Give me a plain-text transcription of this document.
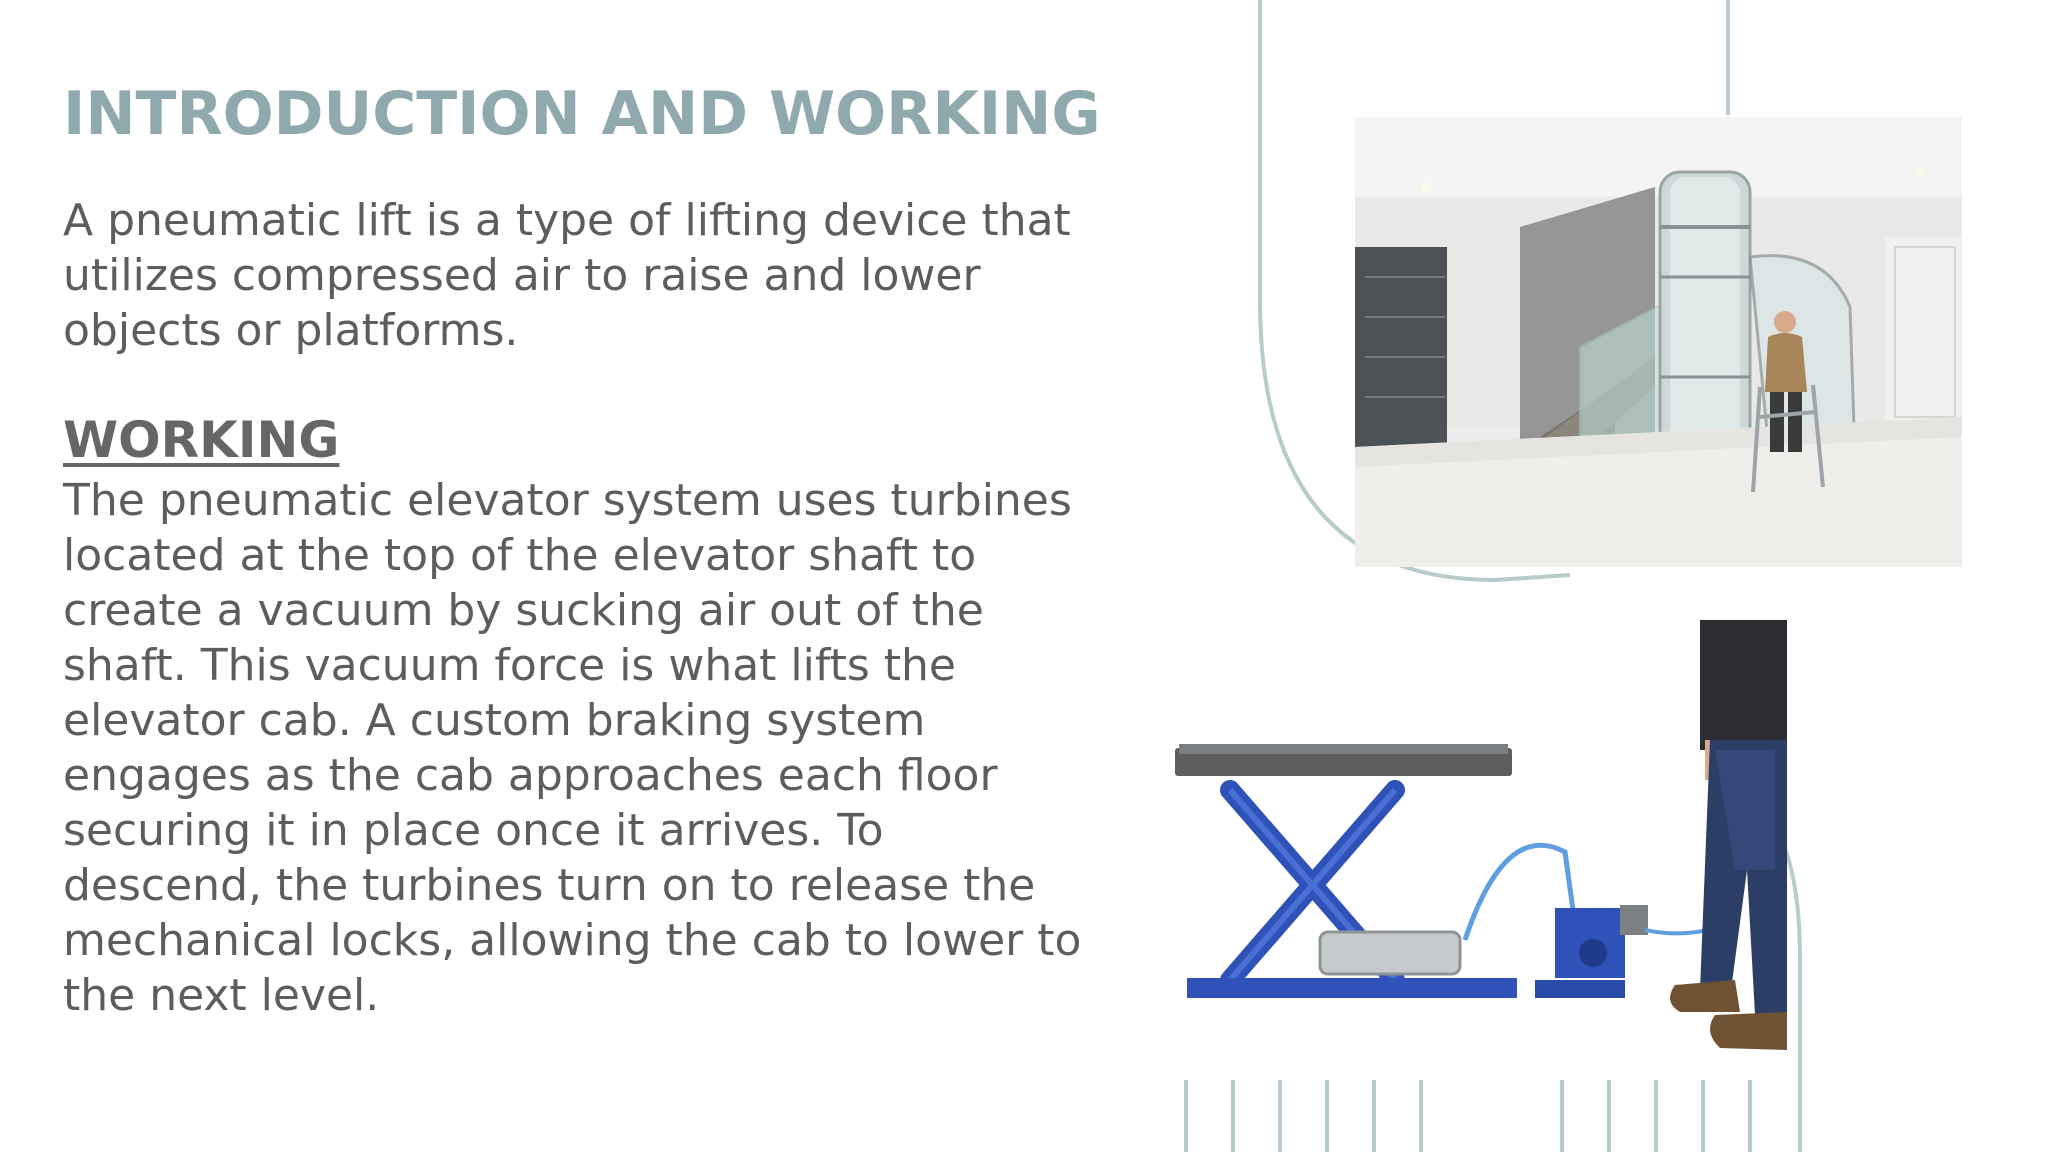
INTRODUCTION AND WORKING

A pneumatic lift is a type of lifting device that utilizes compressed air to raise and lower objects or platforms.

WORKING

The pneumatic elevator system uses turbines located at the top of the elevator shaft to create a vacuum by sucking air out of the shaft. This vacuum force is what lifts the elevator cab. A custom braking system engages as the cab approaches each floor securing it in place once it arrives. To descend, the turbines turn on to release the mechanical locks, allowing the cab to lower to the next level.
